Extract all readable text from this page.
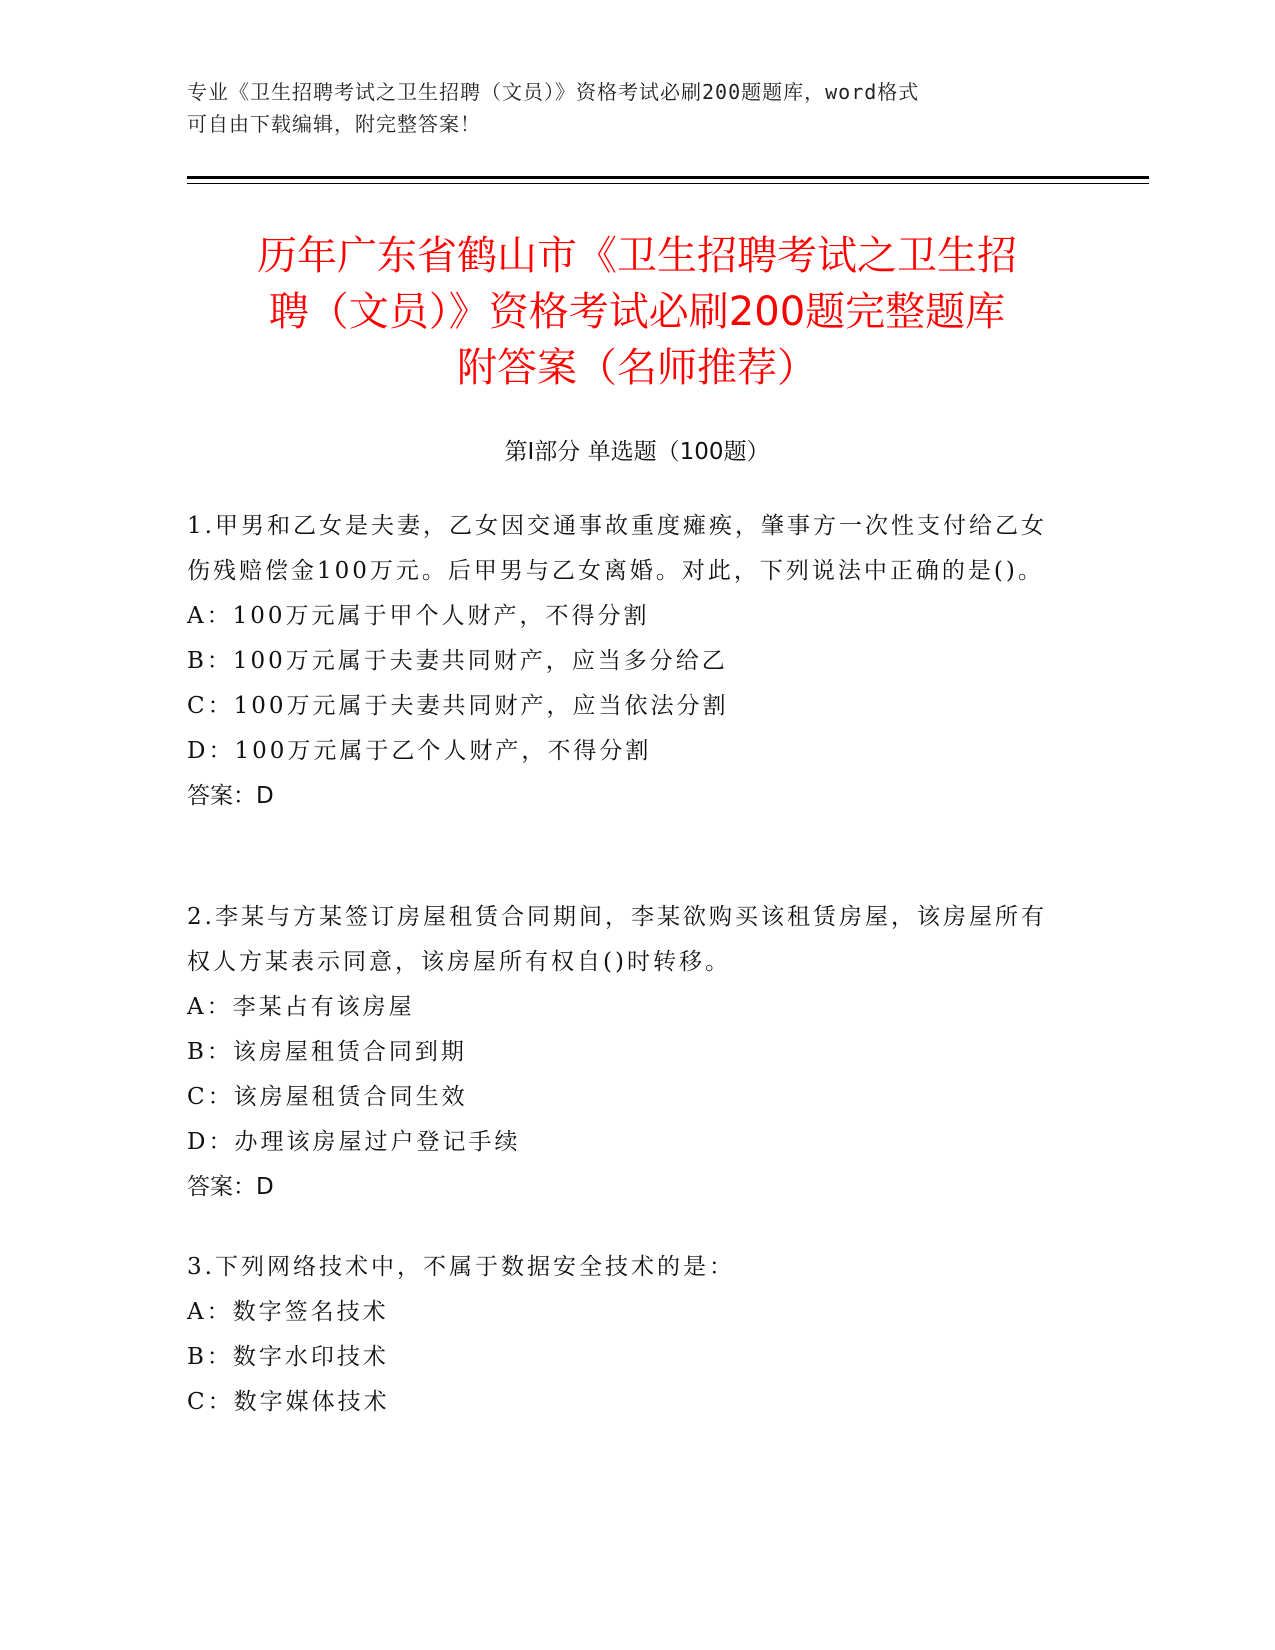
专业《卫生招聘考试之卫生招聘（文员）》资格考试必刷200题题库，word格式
可自由下载编辑，附完整答案！
历年广东省鹤山市《卫生招聘考试之卫生招
聘（文员）》资格考试必刷200题完整题库
附答案（名师推荐）
第I部分 单选题（100题）

1.甲男和乙女是夫妻，乙女因交通事故重度瘫痪，肇事方一次性支付给乙女伤残赔偿金100万元。后甲男与乙女离婚。对此，下列说法中正确的是()。

A：100万元属于甲个人财产，不得分割

B：100万元属于夫妻共同财产，应当多分给乙

C：100万元属于夫妻共同财产，应当依法分割

D：100万元属于乙个人财产，不得分割

答案：D

2.李某与方某签订房屋租赁合同期间，李某欲购买该租赁房屋，该房屋所有权人方某表示同意，该房屋所有权自()时转移。

A：李某占有该房屋

B：该房屋租赁合同到期

C：该房屋租赁合同生效

D：办理该房屋过户登记手续

答案：D

3.下列网络技术中，不属于数据安全技术的是：

A：数字签名技术

B：数字水印技术

C：数字媒体技术
